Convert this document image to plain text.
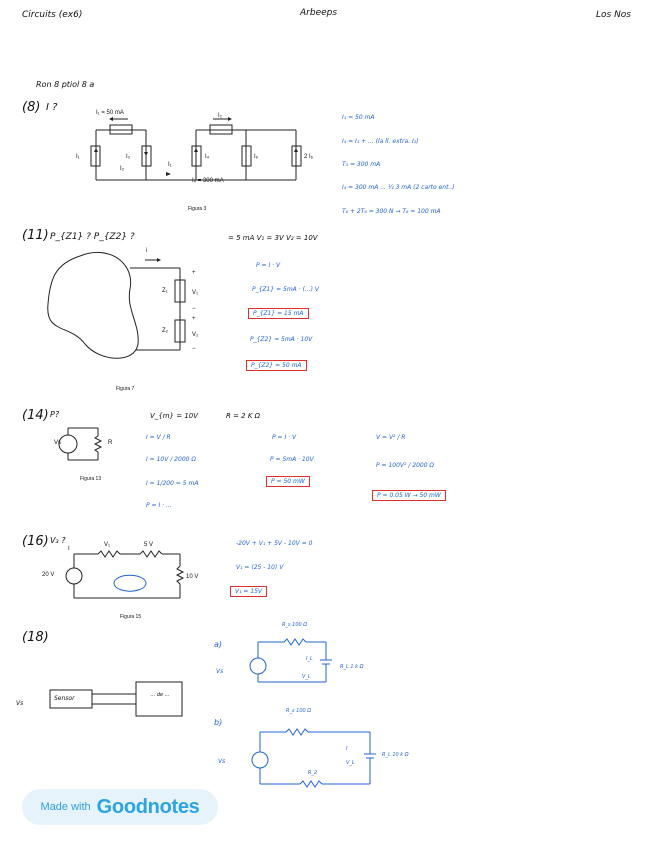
Circuits (ex6)	Arbeeps	Los Nos
Ron 8 ptiol 8 a
(8) I ?	I₁ = 50 mA
I₄ = 300 mA
I₁	I₃
I₂
I₁
I₂
I₄	I₆	2 I₆
Figura 3
I₁ = 50 mA
I₄ = I₁ + ... (la ll. extra. I₂)
T₃ = 300 mA
I₄ = 300 mA ... ½ 3 mA (2 carto ent..)
T₆ + 2T₆ = 300 N → T₆ = 100 mA
(11) P_{Z1} ? P_{Z2} ?	= 5 mA V₁ = 3V V₂ = 10V
i
Z₁
Z₂
+
V₁
−
+
V₂
−
Figura 7
P = I · V
P_{Z1} = 5mA · (...) V
P_{Z1} = 15 mA
P_{Z2} = 5mA · 10V
P_{Z2} = 50 mA
(14) P?	V_{m} = 10V	R = 2 K Ω
Vs	R
Figura 13
I = V / R
I = 10V / 2000 Ω
I = 1/200 = 5 mA
P = I · ...
P = I · V
P = 5mA · 10V
P = 50 mW
V = V² / R
P = 100V² / 2000 Ω
P = 0.05 W → 50 mW
(16) V₃ ?
I
V₁	5 V
20 V	10 V
Figura 15
-20V + V₁ + 5V - 10V = 0
V₁ = (25 - 10) V
V₁ = 15V
(18)
Vs
Sensor	... de ...
a)
R_s 100 Ω
Vs
I_L
R_L 1 k Ω
V_L
b)
R_s 100 Ω
Vs
I
R_L 10 k Ω
V_L
R_2
Made with Goodnotes
